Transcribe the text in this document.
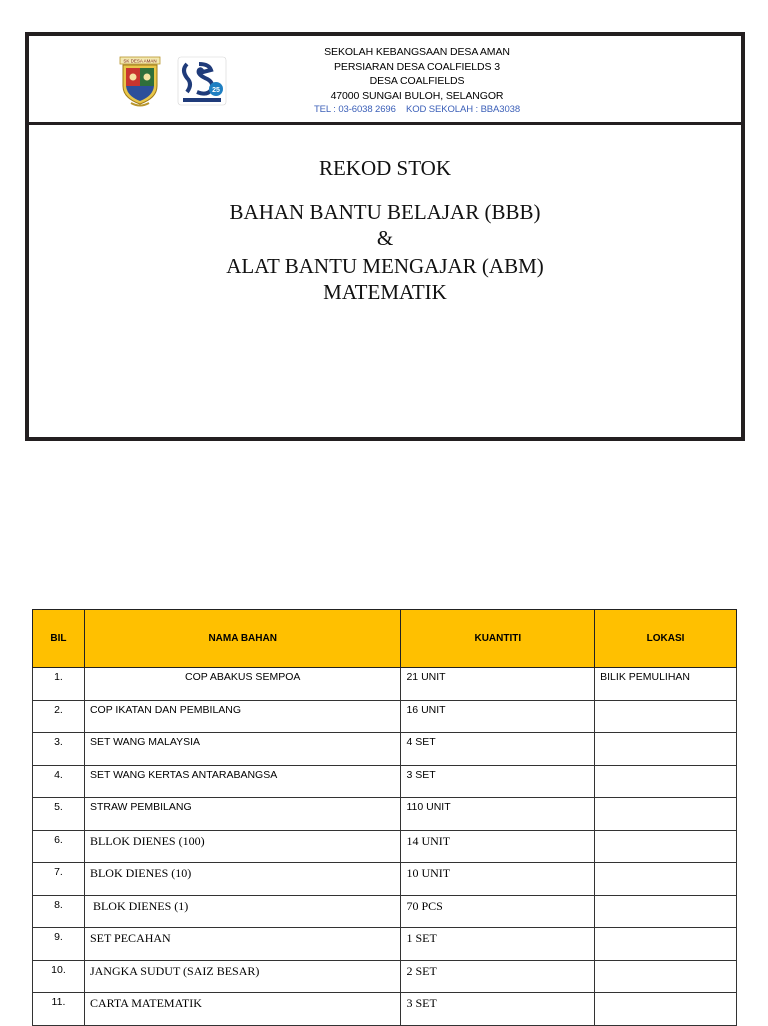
SK DESA AMAN
25
SEKOLAH KEBANGSAAN DESA AMAN
PERSIARAN DESA COALFIELDS 3
DESA COALFIELDS
47000 SUNGAI BULOH, SELANGOR
TEL : 03-6038 2696    KOD SEKOLAH : BBA3038
REKOD STOK
BAHAN BANTU BELAJAR (BBB)
&
ALAT BANTU MENGAJAR (ABM)
MATEMATIK
BIL	NAMA BAHAN	KUANTITI	LOKASI
1.	COP ABAKUS SEMPOA	21 UNIT	BILIK PEMULIHAN
2.	COP IKATAN DAN PEMBILANG	16 UNIT	
3.	SET WANG MALAYSIA	4 SET	
4.	SET WANG KERTAS ANTARABANGSA	3 SET	
5.	STRAW PEMBILANG	110 UNIT	
6.	BLLOK DIENES (100)	14 UNIT	
7.	BLOK DIENES (10)	10 UNIT	
8.	BLOK DIENES (1)	70 PCS	
9.	SET PECAHAN	1 SET	
10.	JANGKA SUDUT (SAIZ BESAR)	2 SET	
11.	CARTA MATEMATIK	3 SET	
